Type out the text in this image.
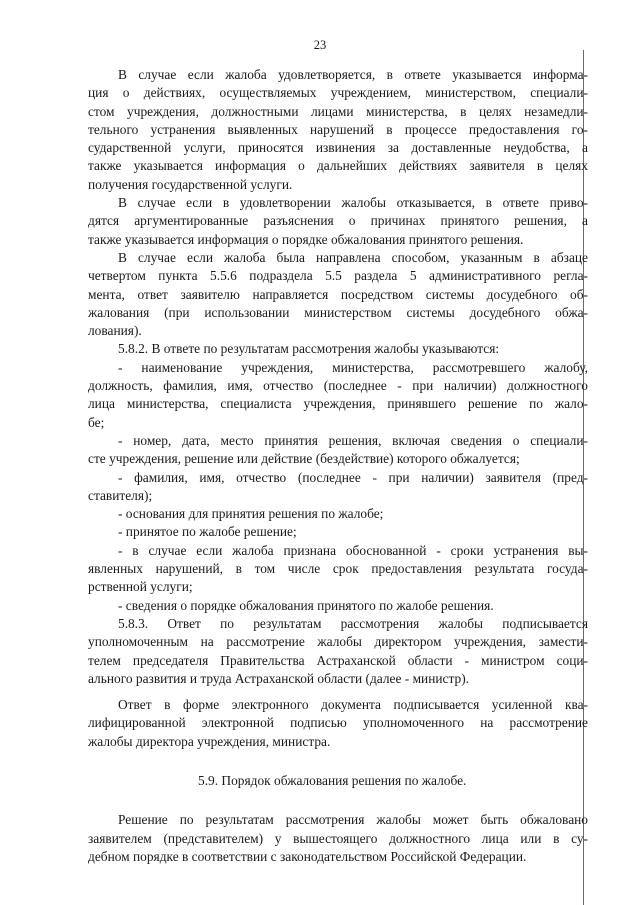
23
В случае если жалоба удовлетворяется, в ответе указывается информа-
ция о действиях, осуществляемых учреждением, министерством, специали-
стом учреждения, должностными лицами министерства, в целях незамедли-
тельного устранения выявленных нарушений в процессе предоставления го-
сударственной услуги, приносятся извинения за доставленные неудобства, а
также указывается информация о дальнейших действиях заявителя в целях
получения государственной услуги.
В случае если в удовлетворении жалобы отказывается, в ответе приво-
дятся аргументированные разъяснения о причинах принятого решения, а
также указывается информация о порядке обжалования принятого решения.
В случае если жалоба была направлена способом, указанным в абзаце
четвертом пункта 5.5.6 подраздела 5.5 раздела 5 административного регла-
мента, ответ заявителю направляется посредством системы досудебного об-
жалования (при использовании министерством системы досудебного обжа-
лования).
5.8.2. В ответе по результатам рассмотрения жалобы указываются:
- наименование учреждения, министерства, рассмотревшего жалобу,
должность, фамилия, имя, отчество (последнее - при наличии) должностного
лица министерства, специалиста учреждения, принявшего решение по жало-
бе;
- номер, дата, место принятия решения, включая сведения о специали-
сте учреждения, решение или действие (бездействие) которого обжалуется;
- фамилия, имя, отчество (последнее - при наличии) заявителя (пред-
ставителя);
- основания для принятия решения по жалобе;
- принятое по жалобе решение;
- в случае если жалоба признана обоснованной - сроки устранения вы-
явленных нарушений, в том числе срок предоставления результата госуда-
рственной услуги;
- сведения о порядке обжалования принятого по жалобе решения.
5.8.3. Ответ по результатам рассмотрения жалобы подписывается
уполномоченным на рассмотрение жалобы директором учреждения, замести-
телем председателя Правительства Астраханской области - министром соци-
ального развития и труда Астраханской области (далее - министр).
Ответ в форме электронного документа подписывается усиленной ква-
лифицированной электронной подписью уполномоченного на рассмотрение
жалобы директора учреждения, министра.
5.9. Порядок обжалования решения по жалобе.
Решение по результатам рассмотрения жалобы может быть обжаловано
заявителем (представителем) у вышестоящего должностного лица или в су-
дебном порядке в соответствии с законодательством Российской Федерации.
